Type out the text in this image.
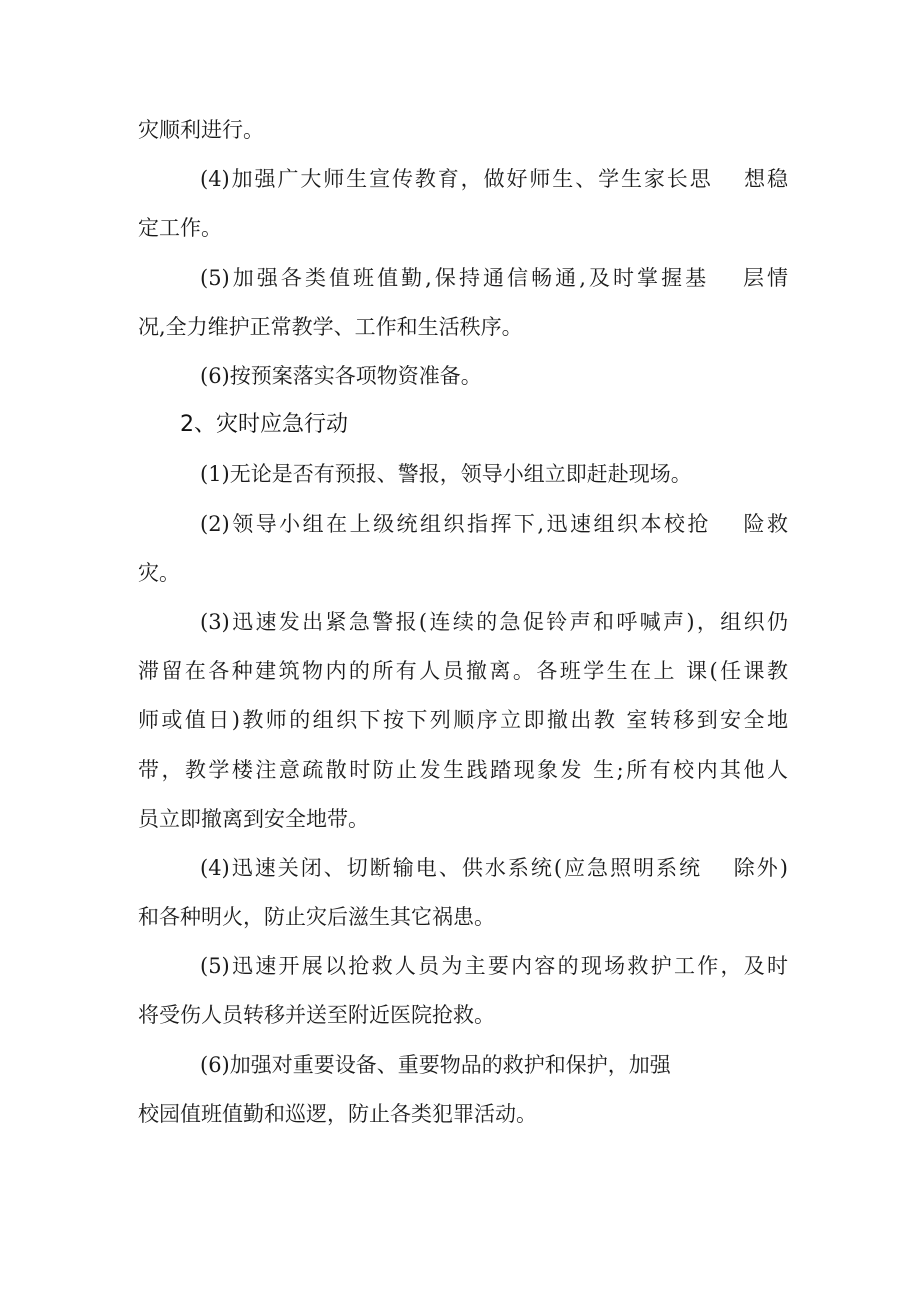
灾顺利进行。
(4)加强广大师生宣传教育，做好师生、学生家长思　 想稳
定工作。
(5)加强各类值班值勤,保持通信畅通,及时掌握基　 层情
况,全力维护正常教学、工作和生活秩序。
(6)按预案落实各项物资准备。
2、灾时应急行动
(1)无论是否有预报、警报，领导小组立即赶赴现场。
(2)领导小组在上级统组织指挥下,迅速组织本校抢　 险救
灾。
(3)迅速发出紧急警报(连续的急促铃声和呼喊声)，组织仍
滞留在各种建筑物内的所有人员撤离。各班学生在上 课(任课教
师或值日)教师的组织下按下列顺序立即撤出教 室转移到安全地
带，教学楼注意疏散时防止发生践踏现象发 生;所有校内其他人
员立即撤离到安全地带。
(4)迅速关闭、切断输电、供水系统(应急照明系统　 除外)
和各种明火，防止灾后滋生其它祸患。
(5)迅速开展以抢救人员为主要内容的现场救护工作，及时
将受伤人员转移并送至附近医院抢救。
(6)加强对重要设备、重要物品的救护和保护，加强
校园值班值勤和巡逻，防止各类犯罪活动。
